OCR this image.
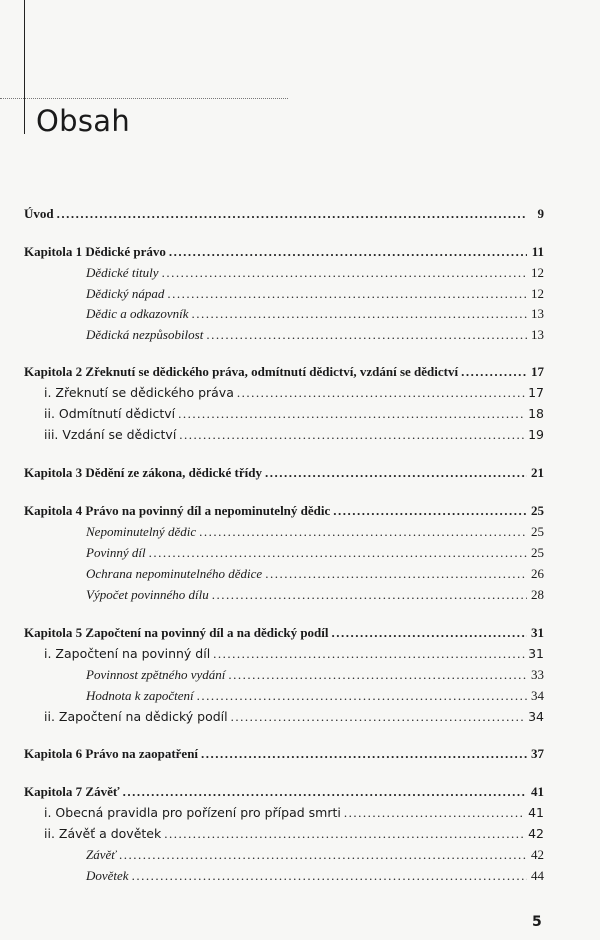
Obsah
Úvod .....	9
Kapitola 1 Dědické právo .....	11
Dědické tituly .....	12
Dědický nápad .....	12
Dědic a odkazovník .....	13
Dědická nezpůsobilost .....	13
Kapitola 2 Zřeknutí se dědického práva, odmítnutí dědictví, vzdání se dědictví .....	17
i. Zřeknutí se dědického práva .....	17
ii. Odmítnutí dědictví .....	18
iii. Vzdání se dědictví .....	19
Kapitola 3 Dědění ze zákona, dědické třídy .....	21
Kapitola 4 Právo na povinný díl a nepominutelný dědic .....	25
Nepominutelný dědic .....	25
Povinný díl .....	25
Ochrana nepominutelného dědice .....	26
Výpočet povinného dílu .....	28
Kapitola 5 Započtení na povinný díl a na dědický podíl .....	31
i. Započtení na povinný díl .....	31
Povinnost zpětného vydání .....	33
Hodnota k započtení .....	34
ii. Započtení na dědický podíl .....	34
Kapitola 6 Právo na zaopatření .....	37
Kapitola 7 Závěť .....	41
i. Obecná pravidla pro pořízení pro případ smrti .....	41
ii. Závěť a dovětek .....	42
Závěť .....	42
Dovětek .....	44
5
